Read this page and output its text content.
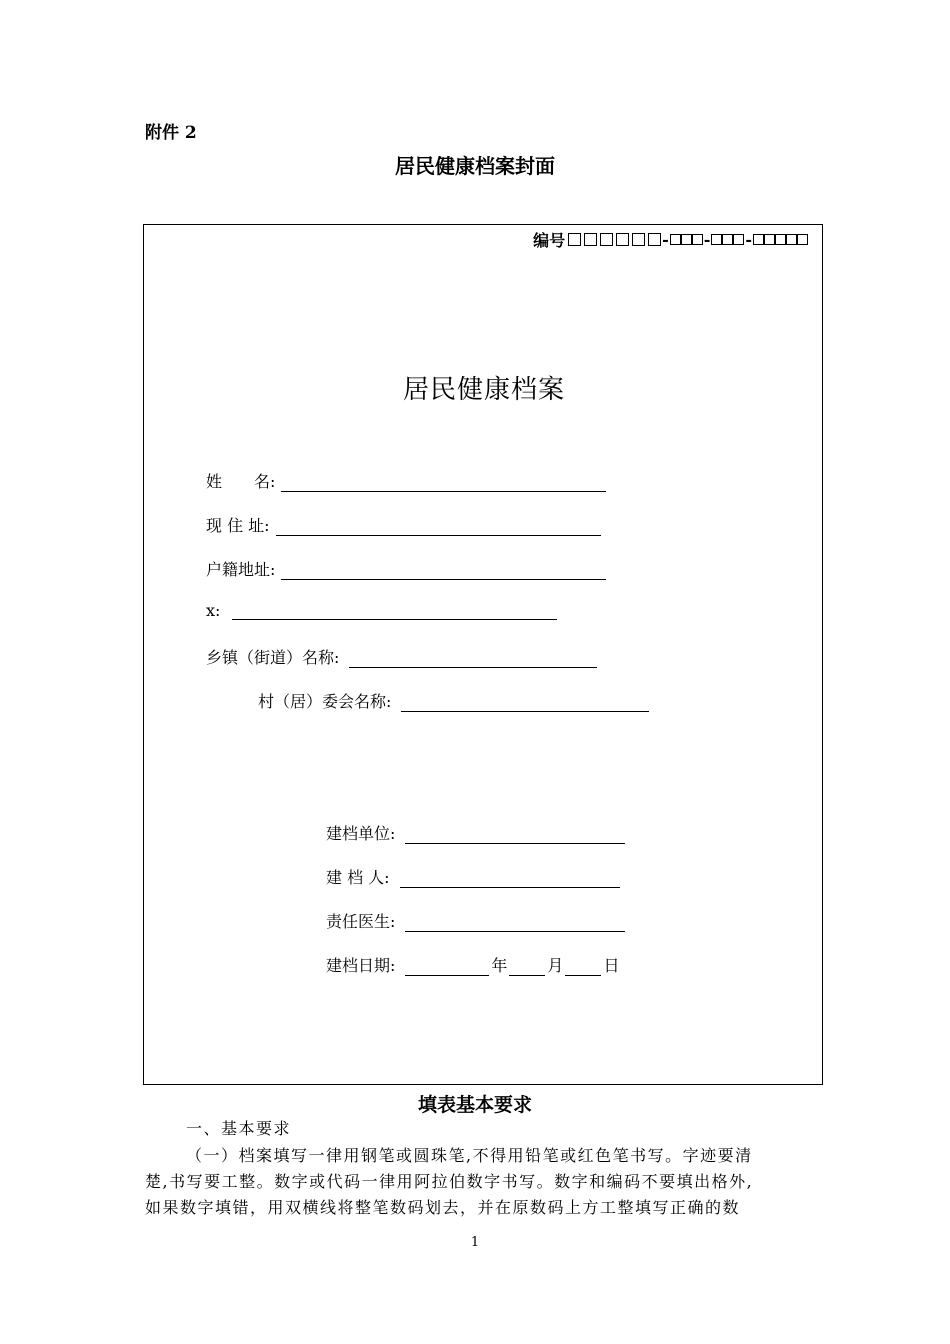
附件 2
居民健康档案封面
编号	- - -
居民健康档案
姓　　名:
现 住 址:
户籍地址:
x:
乡镇（街道）名称:
村（居）委会名称:
建档单位:
建 档 人:
责任医生:
建档日期:	年	月	日
填表基本要求
一、基本要求
（一）档案填写一律用钢笔或圆珠笔,不得用铅笔或红色笔书写。字迹要清
楚,书写要工整。数字或代码一律用阿拉伯数字书写。数字和编码不要填出格外,
如果数字填错，用双横线将整笔数码划去，并在原数码上方工整填写正确的数
1
